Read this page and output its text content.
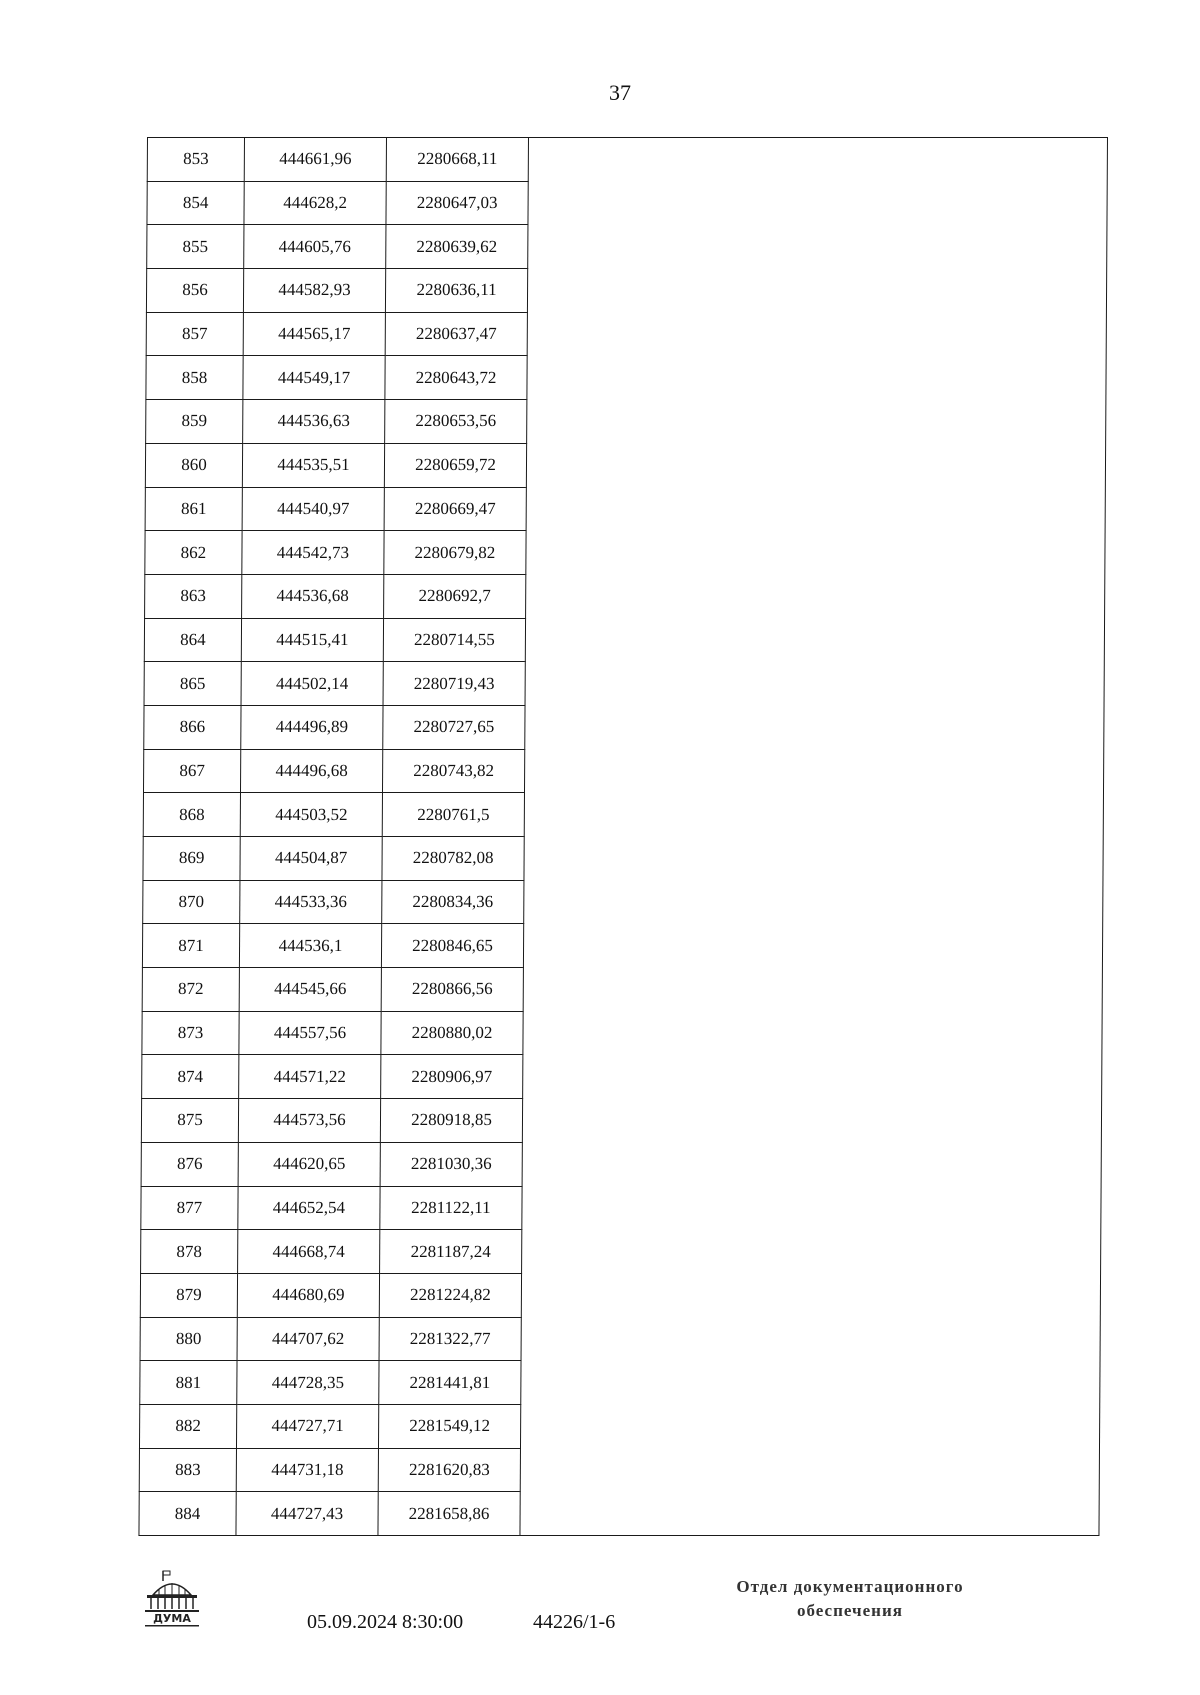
37
853	444661,96	2280668,11	
854	444628,2	2280647,03	
855	444605,76	2280639,62	
856	444582,93	2280636,11	
857	444565,17	2280637,47	
858	444549,17	2280643,72	
859	444536,63	2280653,56	
860	444535,51	2280659,72	
861	444540,97	2280669,47	
862	444542,73	2280679,82	
863	444536,68	2280692,7	
864	444515,41	2280714,55	
865	444502,14	2280719,43	
866	444496,89	2280727,65	
867	444496,68	2280743,82	
868	444503,52	2280761,5	
869	444504,87	2280782,08	
870	444533,36	2280834,36	
871	444536,1	2280846,65	
872	444545,66	2280866,56	
873	444557,56	2280880,02	
874	444571,22	2280906,97	
875	444573,56	2280918,85	
876	444620,65	2281030,36	
877	444652,54	2281122,11	
878	444668,74	2281187,24	
879	444680,69	2281224,82	
880	444707,62	2281322,77	
881	444728,35	2281441,81	
882	444727,71	2281549,12	
883	444731,18	2281620,83	
884	444727,43	2281658,86	
ДУМА	05.09.2024 8:30:00	44226/1-6
Отдел документационного
обеспечения
